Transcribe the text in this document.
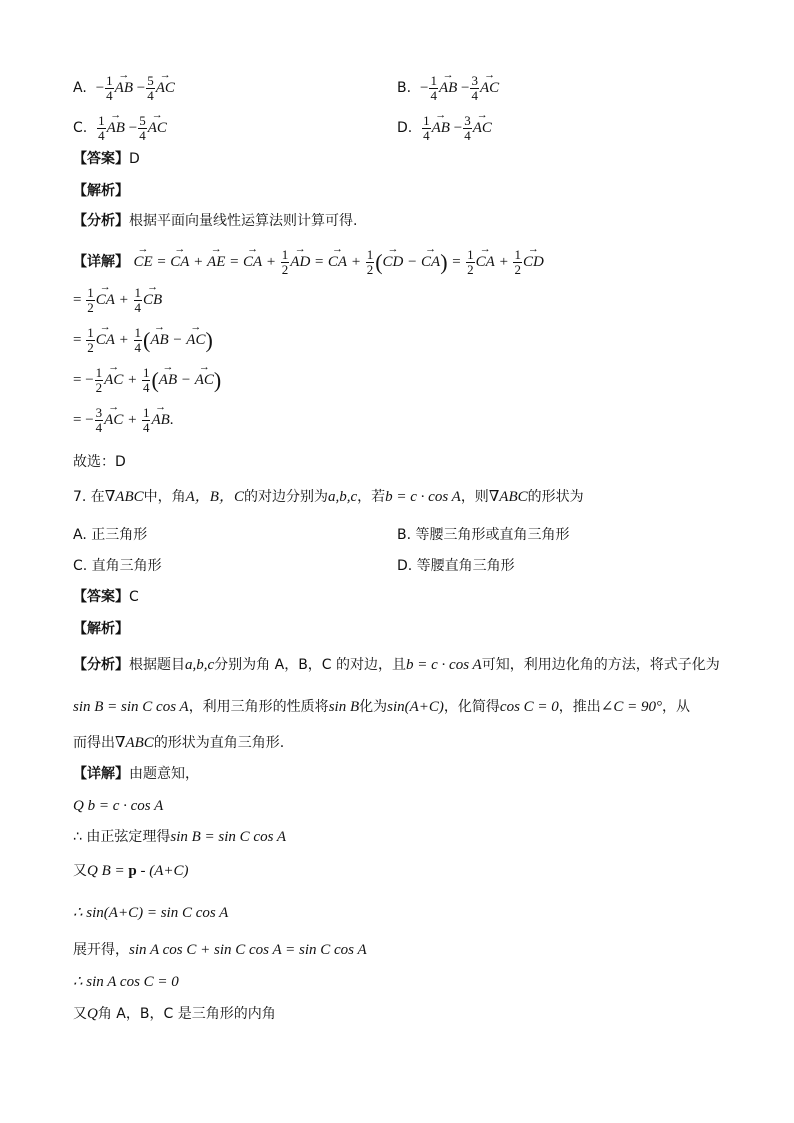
A. − $\frac{1}{4}$ → AB − $\frac{5}{4}$ → AC	B. − $\frac{1}{4}$ → AB − $\frac{3}{4}$ → AC
C. $\frac{1}{4}$ → AB − $\frac{5}{4}$ → AC	D. $\frac{1}{4}$ → AB − $\frac{3}{4}$ → AC
【答案】D
【解析】
【分析】根据平面向量线性运算法则计算可得.
【详解】 → CE = → CA + → AE = → CA + $\frac{1}{2}$ → AD = → CA + $\frac{1}{2}$ (→ CD − → $CA) = \frac{1}{2}$ → CA + $\frac{1}{2}$ → CD
= $\frac{1}{2}$ → CA + $\frac{1}{4}$ → CB
= $\frac{1}{2}$ → CA + $\frac{1}{4}$ (→ AB − → AC)
= − $\frac{1}{2}$ → AC + $\frac{1}{4}$ (→ AB − → AC)
= − $\frac{3}{4}$ → AC + $\frac{1}{4}$ → AB.
故选：D
7. 在∇ABC中，角A，B，C的对边分别为a,b,c，若b = c · cos A，则∇ABC的形状为
A. 正三角形	B. 等腰三角形或直角三角形
C. 直角三角形	D. 等腰直角三角形
【答案】C
【解析】
【分析】根据题目a,b,c分别为角 A，B，C 的对边，且b = c · cos A可知，利用边化角的方法，将式子化为
sin B = sin C cos A，利用三角形的性质将sin B化为sin(A+C)，化简得cos C = 0，推出∠C = 90°，从
而得出∇ABC的形状为直角三角形.
【详解】由题意知，
Q b = c · cos A
∴ 由正弦定理得sin B = sin C cos A
又Q B = p - (A+C)
∴ sin(A+C) = sin C cos A
展开得，sin A cos C + sin C cos A = sin C cos A
∴ sin A cos C = 0
又Q角 A，B，C 是三角形的内角
